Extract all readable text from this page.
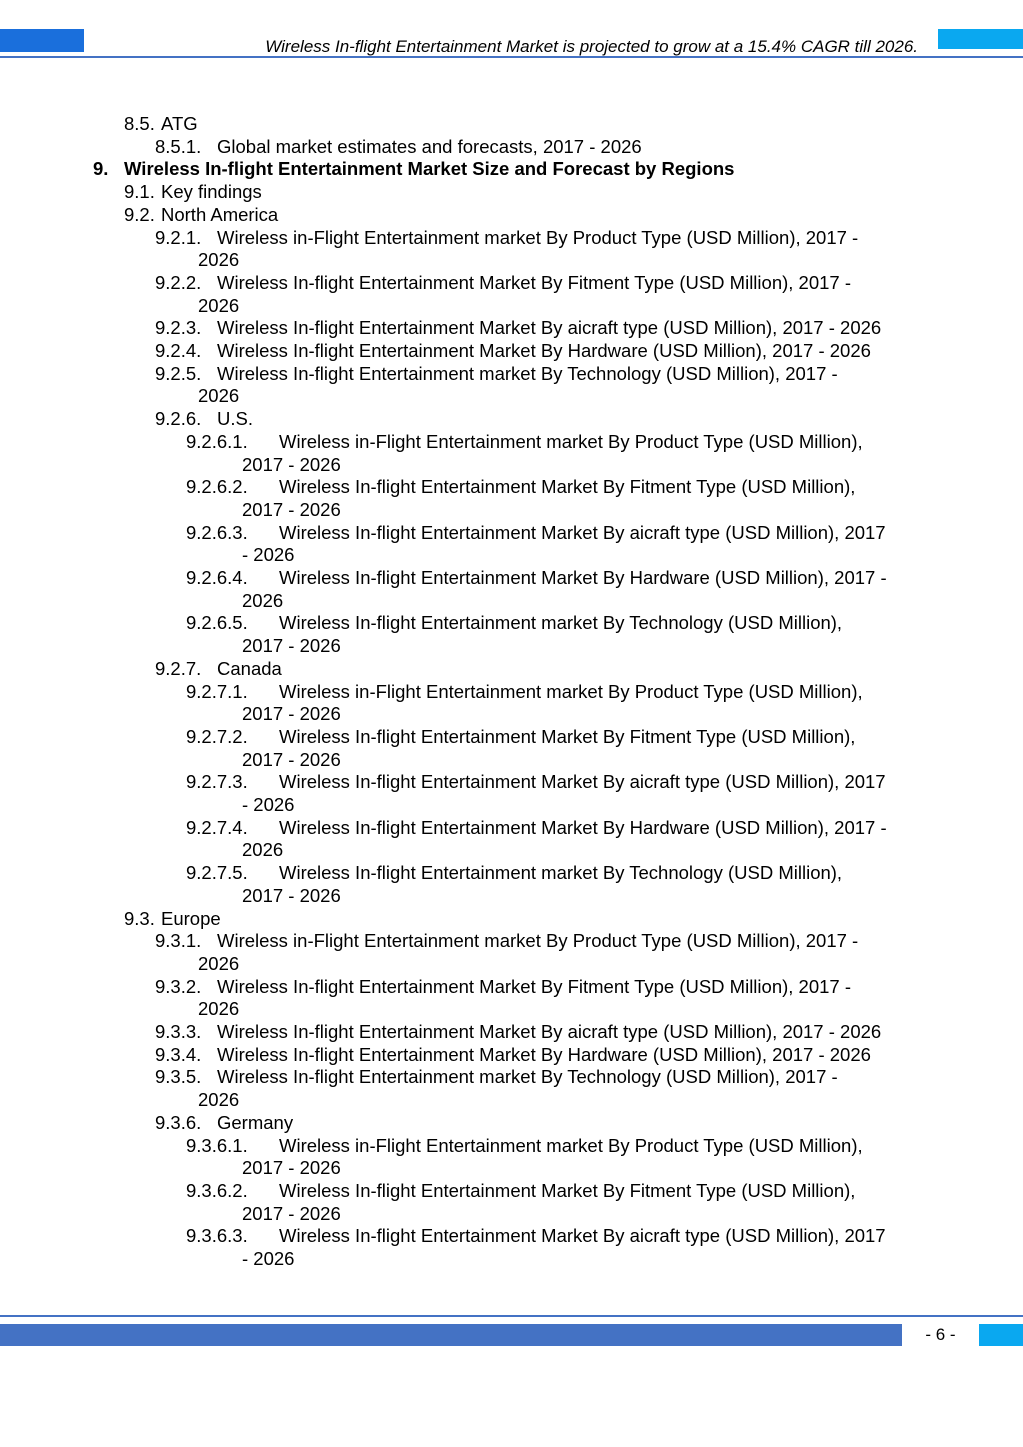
Wireless In-flight Entertainment Market is projected to grow at a 15.4% CAGR till 2026.
8.5. ATG
8.5.1. Global market estimates and forecasts, 2017 - 2026
9. Wireless In-flight Entertainment Market Size and Forecast by Regions
9.1. Key findings
9.2. North America
9.2.1. Wireless in-Flight Entertainment market By Product Type (USD Million), 2017 -
2026
9.2.2. Wireless In-flight Entertainment Market By Fitment Type (USD Million), 2017 -
2026
9.2.3. Wireless In-flight Entertainment Market By aicraft type (USD Million), 2017 - 2026
9.2.4. Wireless In-flight Entertainment Market By Hardware (USD Million), 2017 - 2026
9.2.5. Wireless In-flight Entertainment market By Technology (USD Million), 2017 -
2026
9.2.6. U.S.
9.2.6.1. Wireless in-Flight Entertainment market By Product Type (USD Million),
2017 - 2026
9.2.6.2. Wireless In-flight Entertainment Market By Fitment Type (USD Million),
2017 - 2026
9.2.6.3. Wireless In-flight Entertainment Market By aicraft type (USD Million), 2017
- 2026
9.2.6.4. Wireless In-flight Entertainment Market By Hardware (USD Million), 2017 -
2026
9.2.6.5. Wireless In-flight Entertainment market By Technology (USD Million),
2017 - 2026
9.2.7. Canada
9.2.7.1. Wireless in-Flight Entertainment market By Product Type (USD Million),
2017 - 2026
9.2.7.2. Wireless In-flight Entertainment Market By Fitment Type (USD Million),
2017 - 2026
9.2.7.3. Wireless In-flight Entertainment Market By aicraft type (USD Million), 2017
- 2026
9.2.7.4. Wireless In-flight Entertainment Market By Hardware (USD Million), 2017 -
2026
9.2.7.5. Wireless In-flight Entertainment market By Technology (USD Million),
2017 - 2026
9.3. Europe
9.3.1. Wireless in-Flight Entertainment market By Product Type (USD Million), 2017 -
2026
9.3.2. Wireless In-flight Entertainment Market By Fitment Type (USD Million), 2017 -
2026
9.3.3. Wireless In-flight Entertainment Market By aicraft type (USD Million), 2017 - 2026
9.3.4. Wireless In-flight Entertainment Market By Hardware (USD Million), 2017 - 2026
9.3.5. Wireless In-flight Entertainment market By Technology (USD Million), 2017 -
2026
9.3.6. Germany
9.3.6.1. Wireless in-Flight Entertainment market By Product Type (USD Million),
2017 - 2026
9.3.6.2. Wireless In-flight Entertainment Market By Fitment Type (USD Million),
2017 - 2026
9.3.6.3. Wireless In-flight Entertainment Market By aicraft type (USD Million), 2017
- 2026
- 6 -
